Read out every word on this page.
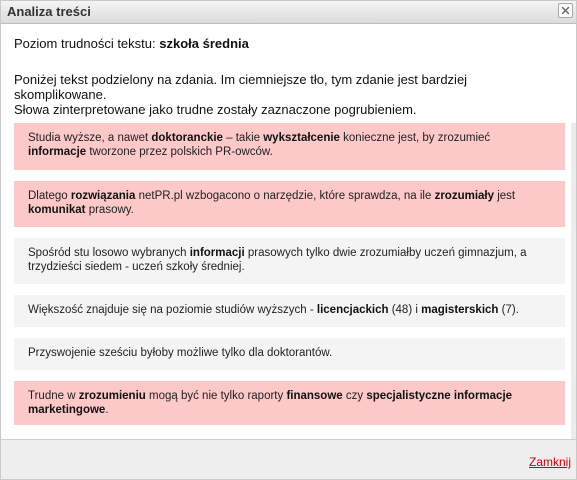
Analiza treści
Poziom trudności tekstu: szkoła średnia
Poniżej tekst podzielony na zdania. Im ciemniejsze tło, tym zdanie jest bardziej skomplikowane.
Słowa zinterpretowane jako trudne zostały zaznaczone pogrubieniem.
Studia wyższe, a nawet doktoranckie – takie wykształcenie konieczne jest, by zrozumieć informacje tworzone przez polskich PR-owców.
Dlatego rozwiązania netPR.pl wzbogacono o narzędzie, które sprawdza, na ile zrozumiały jest komunikat prasowy.
Spośród stu losowo wybranych informacji prasowych tylko dwie zrozumiałby uczeń gimnazjum, a trzydzieści siedem - uczeń szkoły średniej.
Większość znajduje się na poziomie studiów wyższych - licencjackich (48) i magisterskich (7).
Przyswojenie sześciu byłoby możliwe tylko dla doktorantów.
Trudne w zrozumieniu mogą być nie tylko raporty finansowe czy specjalistyczne informacje marketingowe.
Zamknij
